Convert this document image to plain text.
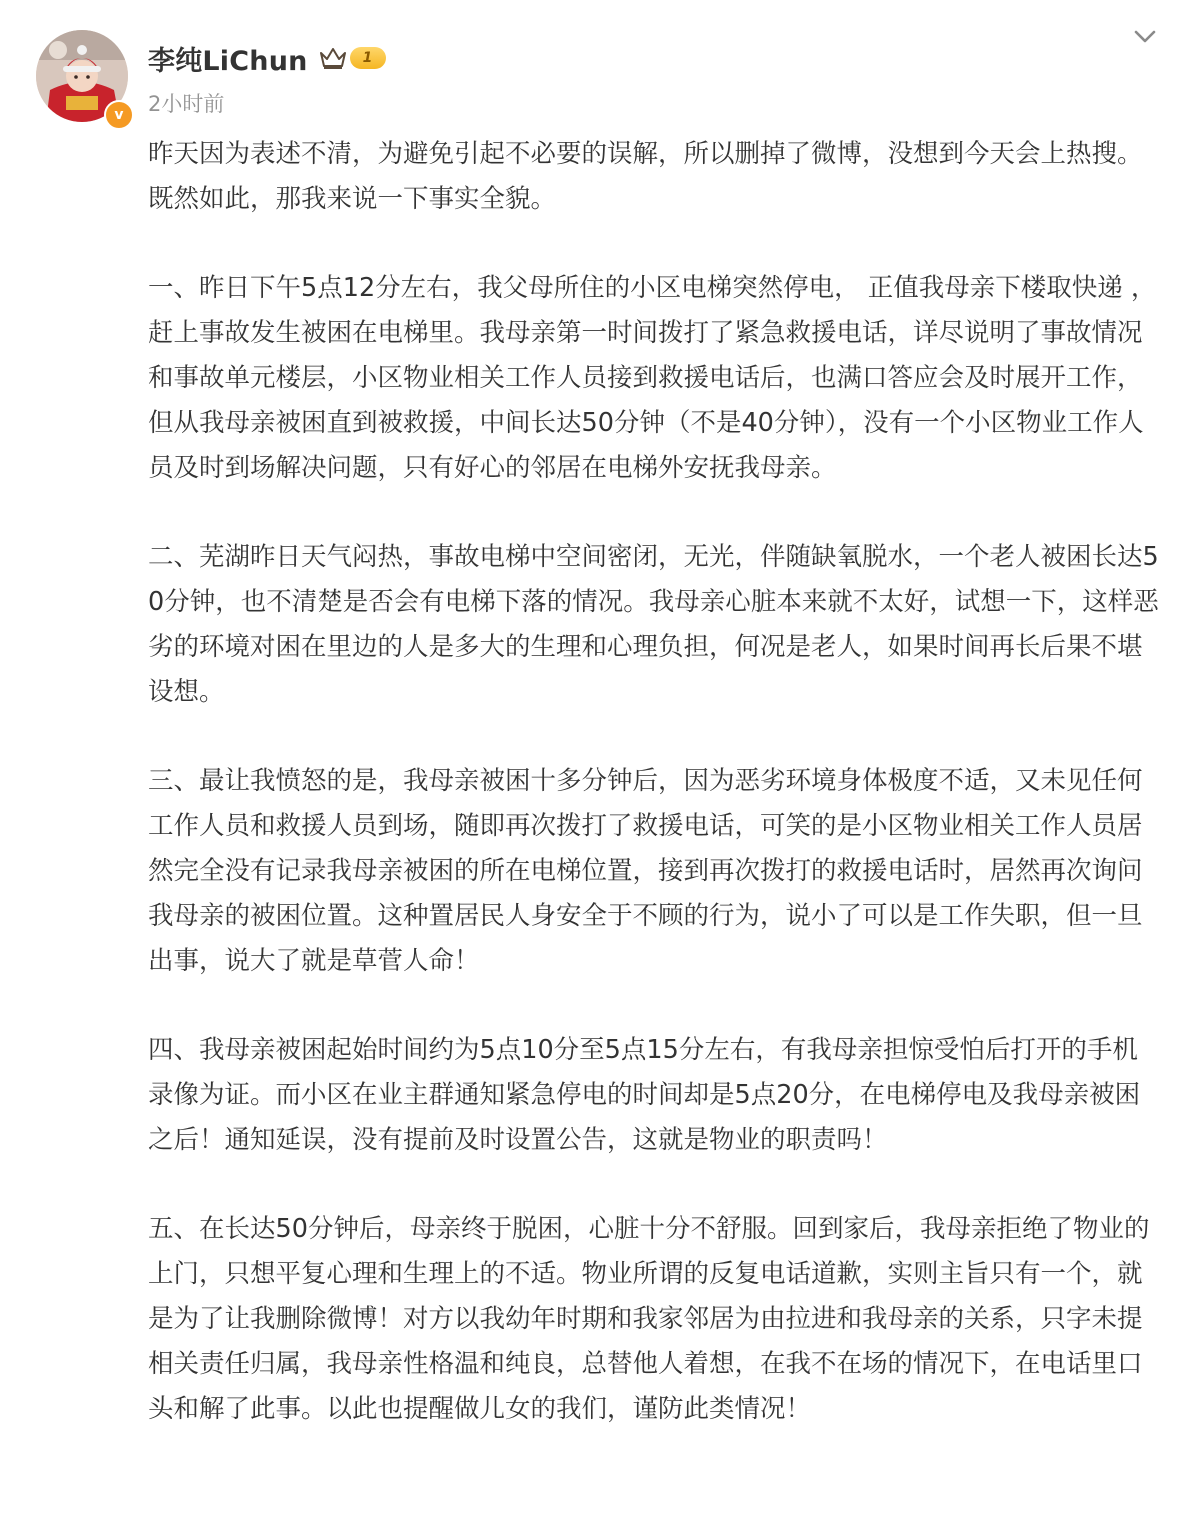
v
李纯LiChun	1
2小时前

昨天因为表述不清，为避免引起不必要的误解，所以删掉了微博，没想到今天会上热搜。既然如此，那我来说一下事实全貌。

一、昨日下午5点12分左右，我父母所住的小区电梯突然停电， 正值我母亲下楼取快递 ，赶上事故发生被困在电梯里。我母亲第一时间拨打了紧急救援电话，详尽说明了事故情况和事故单元楼层，小区物业相关工作人员接到救援电话后，也满口答应会及时展开工作，但从我母亲被困直到被救援，中间长达50分钟（不是40分钟），没有一个小区物业工作人员及时到场解决问题，只有好心的邻居在电梯外安抚我母亲。

二、芜湖昨日天气闷热，事故电梯中空间密闭，无光，伴随缺氧脱水，一个老人被困长达50分钟，也不清楚是否会有电梯下落的情况。我母亲心脏本来就不太好，试想一下，这样恶劣的环境对困在里边的人是多大的生理和心理负担，何况是老人，如果时间再长后果不堪设想。

三、最让我愤怒的是，我母亲被困十多分钟后，因为恶劣环境身体极度不适，又未见任何工作人员和救援人员到场，随即再次拨打了救援电话，可笑的是小区物业相关工作人员居然完全没有记录我母亲被困的所在电梯位置，接到再次拨打的救援电话时，居然再次询问我母亲的被困位置。这种置居民人身安全于不顾的行为，说小了可以是工作失职，但一旦出事，说大了就是草菅人命！

四、我母亲被困起始时间约为5点10分至5点15分左右，有我母亲担惊受怕后打开的手机录像为证。而小区在业主群通知紧急停电的时间却是5点20分，在电梯停电及我母亲被困之后！通知延误，没有提前及时设置公告，这就是物业的职责吗！

五、在长达50分钟后，母亲终于脱困，心脏十分不舒服。回到家后，我母亲拒绝了物业的上门，只想平复心理和生理上的不适。物业所谓的反复电话道歉，实则主旨只有一个，就是为了让我删除微博！对方以我幼年时期和我家邻居为由拉进和我母亲的关系，只字未提相关责任归属，我母亲性格温和纯良，总替他人着想，在我不在场的情况下，在电话里口头和解了此事。以此也提醒做儿女的我们，谨防此类情况！
